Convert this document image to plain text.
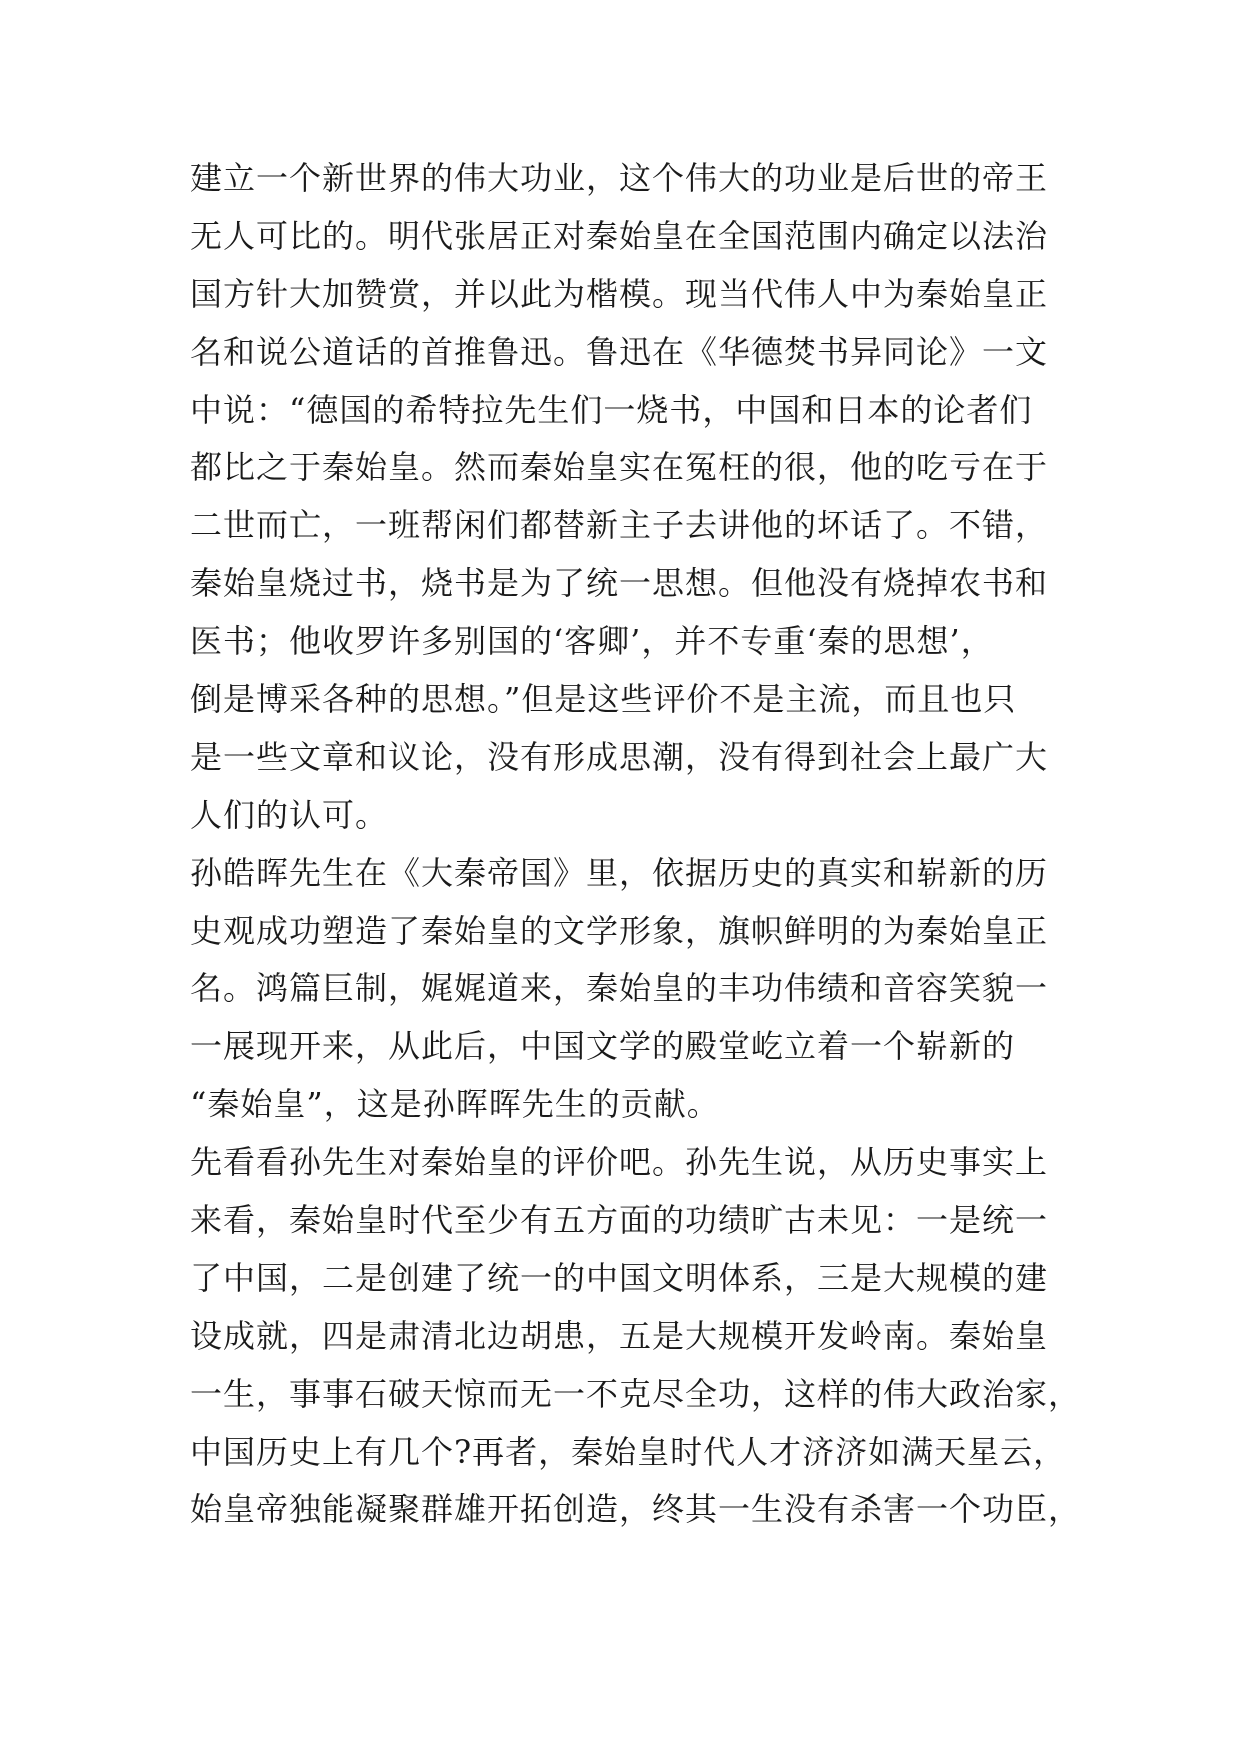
建立一个新世界的伟大功业，这个伟大的功业是后世的帝王
无人可比的。明代张居正对秦始皇在全国范围内确定以法治
国方针大加赞赏，并以此为楷模。现当代伟人中为秦始皇正
名和说公道话的首推鲁迅。鲁迅在《华德焚书异同论》一文
中说：“德国的希特拉先生们一烧书，中国和日本的论者们
都比之于秦始皇。然而秦始皇实在冤枉的很，他的吃亏在于
二世而亡，一班帮闲们都替新主子去讲他的坏话了。不错，
秦始皇烧过书，烧书是为了统一思想。但他没有烧掉农书和
医书；他收罗许多别国的‘客卿’，并不专重‘秦的思想’，
倒是博采各种的思想。”但是这些评价不是主流，而且也只
是一些文章和议论，没有形成思潮，没有得到社会上最广大
人们的认可。
孙皓晖先生在《大秦帝国》里，依据历史的真实和崭新的历
史观成功塑造了秦始皇的文学形象，旗帜鲜明的为秦始皇正
名。鸿篇巨制，娓娓道来，秦始皇的丰功伟绩和音容笑貌一
一展现开来，从此后，中国文学的殿堂屹立着一个崭新的
“秦始皇”，这是孙晖晖先生的贡献。
先看看孙先生对秦始皇的评价吧。孙先生说，从历史事实上
来看，秦始皇时代至少有五方面的功绩旷古未见：一是统一
了中国，二是创建了统一的中国文明体系，三是大规模的建
设成就，四是肃清北边胡患，五是大规模开发岭南。秦始皇
一生，事事石破天惊而无一不克尽全功，这样的伟大政治家，
中国历史上有几个?再者，秦始皇时代人才济济如满天星云，
始皇帝独能凝聚群雄开拓创造，终其一生没有杀害一个功臣，
